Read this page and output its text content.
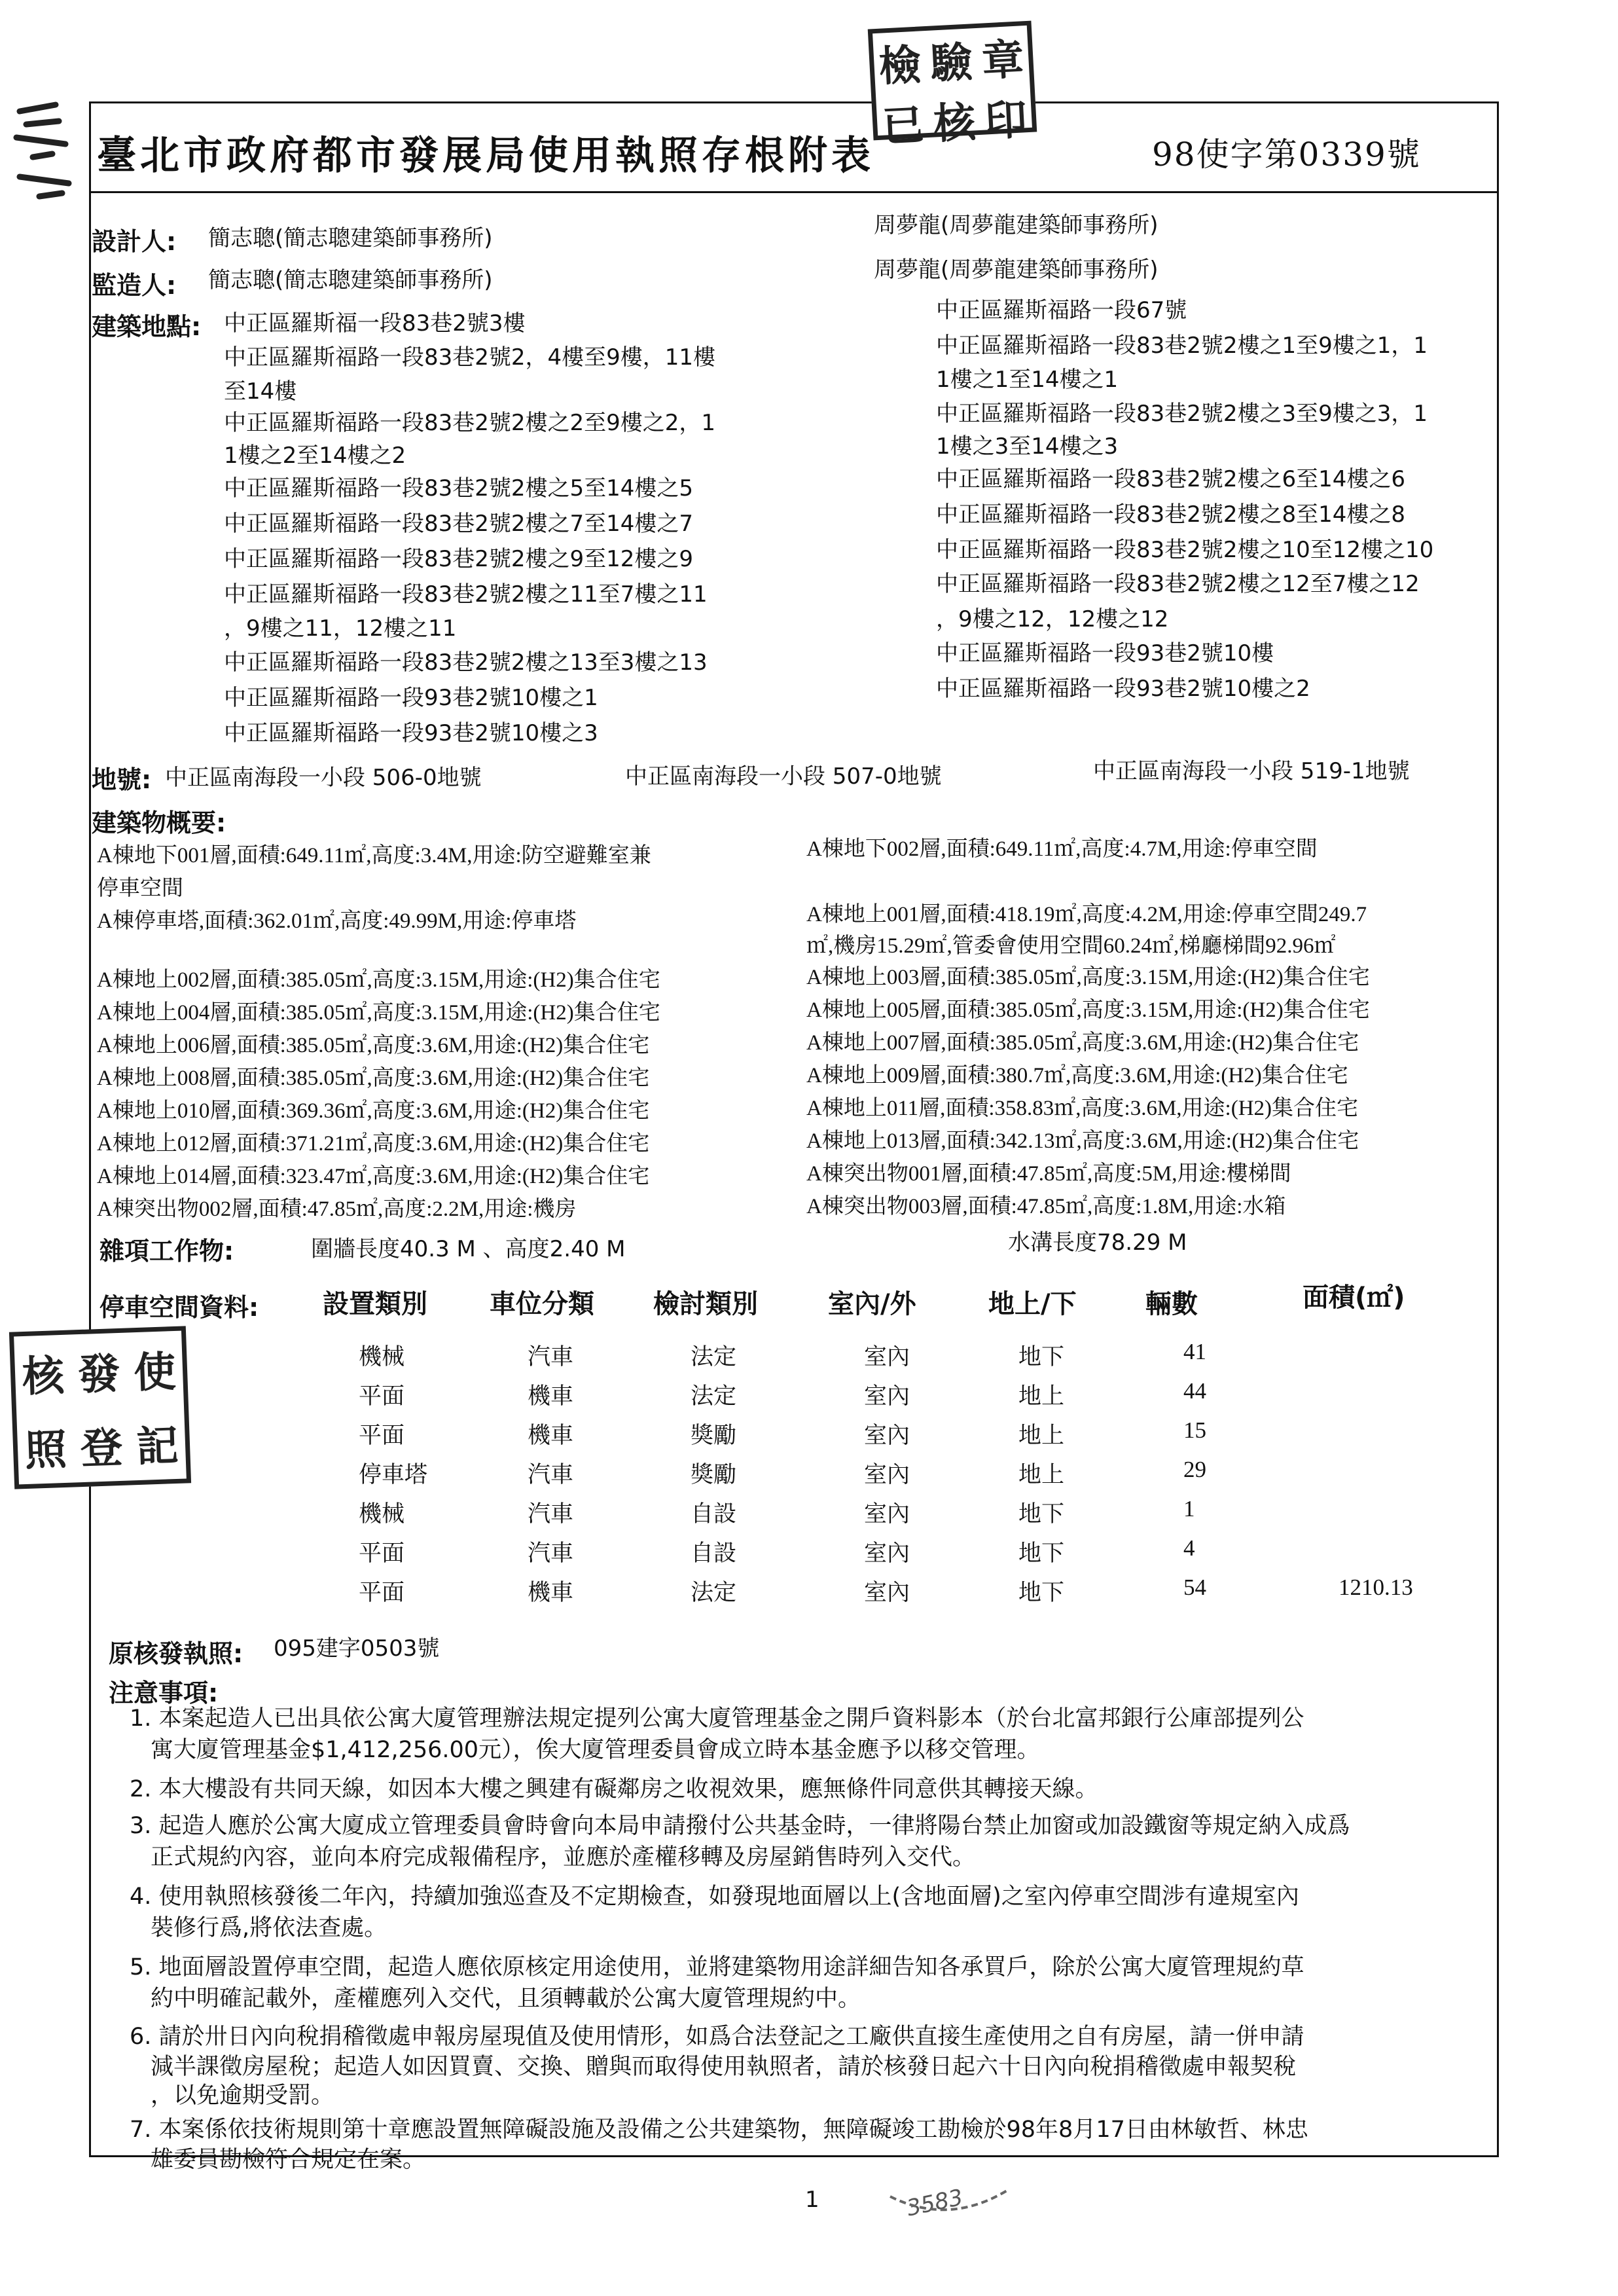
檢 驗 章
已 核 印
核 發 使
照 登 記
臺北市政府都市發展局使用執照存根附表	98使字第0339號
設計人: 簡志聰(簡志聰建築師事務所)	周夢龍(周夢龍建築師事務所)
監造人: 簡志聰(簡志聰建築師事務所)	周夢龍(周夢龍建築師事務所)
建築地點: 中正區羅斯福一段83巷2號3樓
中正區羅斯福路一段83巷2號2，4樓至9樓，11樓
至14樓
中正區羅斯福路一段83巷2號2樓之2至9樓之2，1
1樓之2至14樓之2
中正區羅斯福路一段83巷2號2樓之5至14樓之5
中正區羅斯福路一段83巷2號2樓之7至14樓之7
中正區羅斯福路一段83巷2號2樓之9至12樓之9
中正區羅斯福路一段83巷2號2樓之11至7樓之11
，9樓之11，12樓之11
中正區羅斯福路一段83巷2號2樓之13至3樓之13
中正區羅斯福路一段93巷2號10樓之1
中正區羅斯福路一段93巷2號10樓之3
中正區羅斯福路一段67號
中正區羅斯福路一段83巷2號2樓之1至9樓之1，1
1樓之1至14樓之1
中正區羅斯福路一段83巷2號2樓之3至9樓之3，1
1樓之3至14樓之3
中正區羅斯福路一段83巷2號2樓之6至14樓之6
中正區羅斯福路一段83巷2號2樓之8至14樓之8
中正區羅斯福路一段83巷2號2樓之10至12樓之10
中正區羅斯福路一段83巷2號2樓之12至7樓之12
，9樓之12，12樓之12
中正區羅斯福路一段93巷2號10樓
中正區羅斯福路一段93巷2號10樓之2
地號: 中正區南海段一小段 506-0地號	中正區南海段一小段 507-0地號	中正區南海段一小段 519-1地號
建築物概要:
A棟地下001層,面積:649.11㎡,高度:3.4M,用途:防空避難室兼
停車空間
A棟停車塔,面積:362.01㎡,高度:49.99M,用途:停車塔
A棟地上002層,面積:385.05㎡,高度:3.15M,用途:(H2)集合住宅
A棟地上004層,面積:385.05㎡,高度:3.15M,用途:(H2)集合住宅
A棟地上006層,面積:385.05㎡,高度:3.6M,用途:(H2)集合住宅
A棟地上008層,面積:385.05㎡,高度:3.6M,用途:(H2)集合住宅
A棟地上010層,面積:369.36㎡,高度:3.6M,用途:(H2)集合住宅
A棟地上012層,面積:371.21㎡,高度:3.6M,用途:(H2)集合住宅
A棟地上014層,面積:323.47㎡,高度:3.6M,用途:(H2)集合住宅
A棟突出物002層,面積:47.85㎡,高度:2.2M,用途:機房
A棟地下002層,面積:649.11㎡,高度:4.7M,用途:停車空間
A棟地上001層,面積:418.19㎡,高度:4.2M,用途:停車空間249.7
㎡,機房15.29㎡,管委會使用空間60.24㎡,梯廳梯間92.96㎡
A棟地上003層,面積:385.05㎡,高度:3.15M,用途:(H2)集合住宅
A棟地上005層,面積:385.05㎡,高度:3.15M,用途:(H2)集合住宅
A棟地上007層,面積:385.05㎡,高度:3.6M,用途:(H2)集合住宅
A棟地上009層,面積:380.7㎡,高度:3.6M,用途:(H2)集合住宅
A棟地上011層,面積:358.83㎡,高度:3.6M,用途:(H2)集合住宅
A棟地上013層,面積:342.13㎡,高度:3.6M,用途:(H2)集合住宅
A棟突出物001層,面積:47.85㎡,高度:5M,用途:樓梯間
A棟突出物003層,面積:47.85㎡,高度:1.8M,用途:水箱
雜項工作物:	圍牆長度40.3 M 、高度2.40 M	水溝長度78.29 M
停車空間資料: 設置類別 車位分類 檢討類別	室內/外	地上/下	輛數	面積(㎡)
機械	汽車	法定	室內	地下	41
平面	機車	法定	室內	地上	44
平面	機車	獎勵	室內	地上	15
停車塔	汽車	獎勵	室內	地上	29
機械	汽車	自設	室內	地下	1
平面	汽車	自設	室內	地下	4
平面	機車	法定	室內	地下	54	1210.13
原核發執照: 095建字0503號
注意事項:
1. 本案起造人已出具依公寓大廈管理辦法規定提列公寓大廈管理基金之開戶資料影本（於台北富邦銀行公庫部提列公
寓大廈管理基金$1,412,256.00元），俟大廈管理委員會成立時本基金應予以移交管理。
2. 本大樓設有共同天線，如因本大樓之興建有礙鄰房之收視效果，應無條件同意供其轉接天線。
3. 起造人應於公寓大廈成立管理委員會時會向本局申請撥付公共基金時，一律將陽台禁止加窗或加設鐵窗等規定納入成爲
正式規約內容，並向本府完成報備程序，並應於產權移轉及房屋銷售時列入交代。
4. 使用執照核發後二年內，持續加強巡查及不定期檢查，如發現地面層以上(含地面層)之室內停車空間涉有違規室內
裝修行爲,將依法查處。
5. 地面層設置停車空間，起造人應依原核定用途使用，並將建築物用途詳細告知各承買戶，除於公寓大廈管理規約草
約中明確記載外，產權應列入交代，且須轉載於公寓大廈管理規約中。
6. 請於卅日內向稅捐稽徵處申報房屋現值及使用情形，如爲合法登記之工廠供直接生產使用之自有房屋，請一併申請
減半課徵房屋稅；起造人如因買賣、交換、贈與而取得使用執照者，請於核發日起六十日內向稅捐稽徵處申報契稅
，以免逾期受罰。
7. 本案係依技術規則第十章應設置無障礙設施及設備之公共建築物，無障礙竣工勘檢於98年8月17日由林敏哲、林忠
雄委員勘檢符合規定在案。
1	3583
